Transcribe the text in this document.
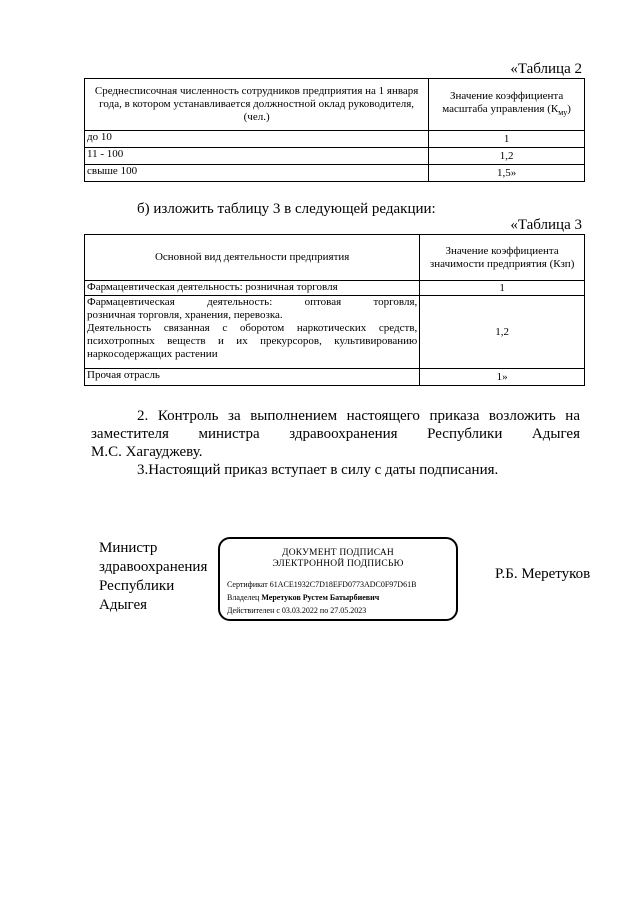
«Таблица 2
Среднесписочная численность сотрудников предприятия на 1 января года, в котором устанавливается должностной оклад руководителя, (чел.)	Значение коэффициента масштаба управления $(К_{му})$
до 10	1
11 - 100	1,2
свыше 100	1,5»
б) изложить таблицу 3 в следующей редакции:
«Таблица 3
Основной вид деятельности предприятия	Значение коэффициента значимости предприятия (Кзп)
Фармацевтическая деятельность: розничная торговля	1

Фармацевтическая деятельность: оптовая торговля,
розничная торговля, хранения, перевозка.
Деятельность связанная с оборотом наркотических средств,
психотропных веществ и их прекурсоров, культивированию
наркосодержащих растении	1,2
Прочая отрасль	1»
2. Контроль за выполнением настоящего приказа возложить на
заместителя министра здравоохранения Республики Адыгея
М.С. Хагауджеву.
3.Настоящий приказ вступает в силу с даты подписания.
Министр
здравоохранения
Республики
Адыгея
ДОКУМЕНТ ПОДПИСАН
ЭЛЕКТРОННОЙ ПОДПИСЬЮ
Сертификат 61ACE1932C7D18EFD0773ADC0F97D61B
Владелец Меретуков Рустем Батырбиевич
Действителен с 03.03.2022 по 27.05.2023
Р.Б. Меретуков
